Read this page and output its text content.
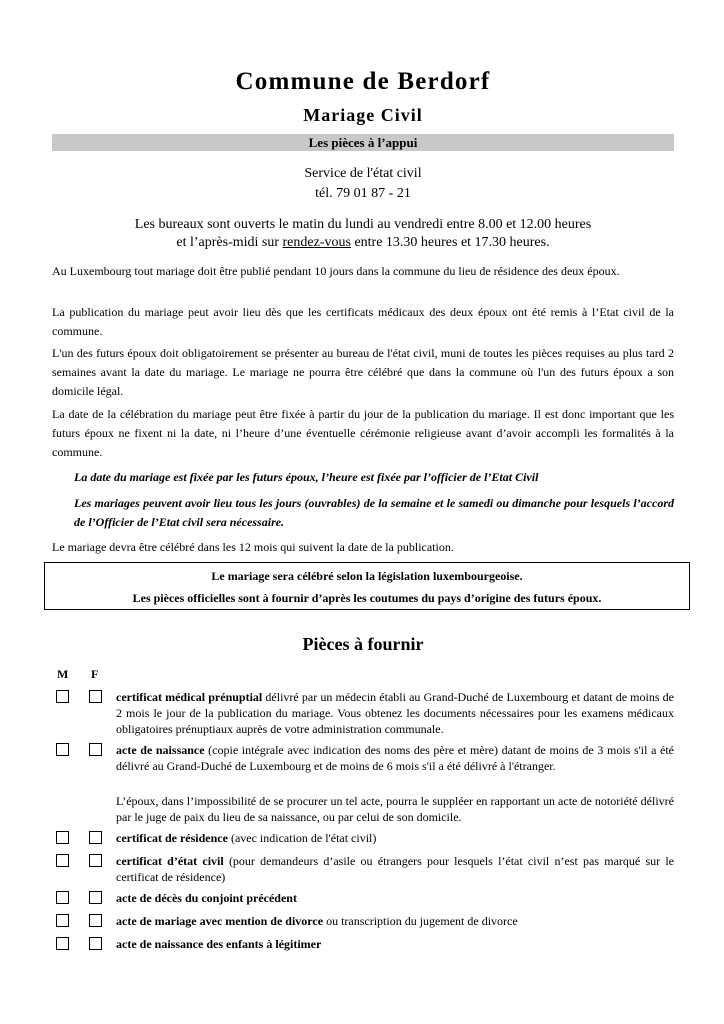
Commune de Berdorf
Mariage Civil
Les pièces à l’appui
Service de l'état civil
tél. 79 01 87 - 21
Les bureaux sont ouverts le matin du lundi au vendredi entre 8.00 et 12.00 heures
et l’après-midi sur rendez-vous entre 13.30 heures et 17.30 heures.

Au Luxembourg tout mariage doit être publié pendant 10 jours dans la commune du lieu de résidence des deux époux.

La publication du mariage peut avoir lieu dès que les certificats médicaux des deux époux ont été remis à l’Etat civil de la commune.

L'un des futurs époux doit obligatoirement se présenter au bureau de l'état civil, muni de toutes les pièces requises au plus tard 2 semaines avant la date du mariage. Le mariage ne pourra être célébré que dans la commune où l'un des futurs époux a son domicile légal.

La date de la célébration du mariage peut être fixée à partir du jour de la publication du mariage. Il est donc important que les futurs époux ne fixent ni la date, ni l’heure d’une éventuelle cérémonie religieuse avant d’avoir accompli les formalités à la commune.

La date du mariage est fixée par les futurs époux, l’heure est fixée par l’officier de l’Etat Civil

Les mariages peuvent avoir lieu tous les jours (ouvrables) de la semaine et le samedi ou dimanche pour lesquels l’accord de l’Officier de l’Etat civil sera nécessaire.

Le mariage devra être célébré dans les 12 mois qui suivent la date de la publication.

Le mariage sera célébré selon la législation luxembourgeoise.
Les pièces officielles sont à fournir d’après les coutumes du pays d’origine des futurs époux.
Pièces à fournir
M F

certificat médical prénuptial délivré par un médecin établi au Grand-Duché de Luxembourg et datant de moins de 2 mois le jour de la publication du mariage. Vous obtenez les documents nécessaires pour les examens médicaux obligatoires prénuptiaux auprès de votre administration communale.

acte de naissance (copie intégrale avec indication des noms des père et mère) datant de moins de 3 mois s'il a été délivré au Grand-Duché de Luxembourg et de moins de 6 mois s'il a été délivré à l'étranger.

L’époux, dans l’impossibilité de se procurer un tel acte, pourra le suppléer en rapportant un acte de notoriété délivré par le juge de paix du lieu de sa naissance, ou par celui de son domicile.

certificat de résidence (avec indication de l'état civil)

certificat d’état civil (pour demandeurs d’asile ou étrangers pour lesquels l’état civil n’est pas marqué sur le certificat de résidence)

acte de décès du conjoint précédent

acte de mariage avec mention de divorce ou transcription du jugement de divorce

acte de naissance des enfants à légitimer
